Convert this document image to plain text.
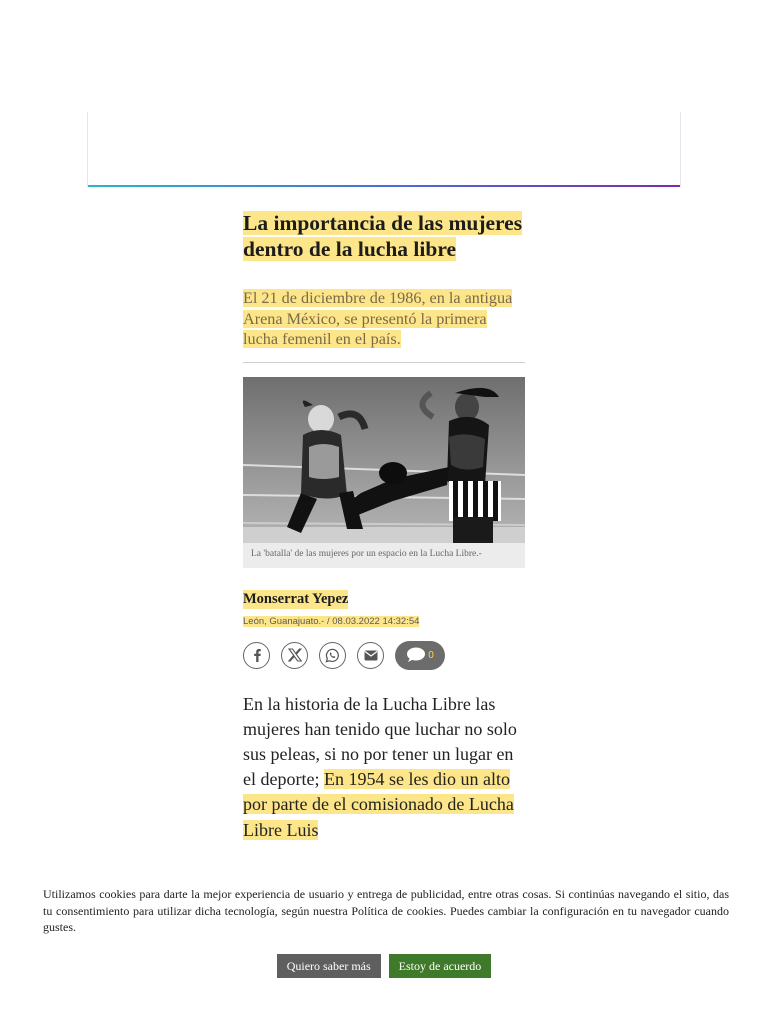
La importancia de las mujeres dentro de la lucha libre

El 21 de diciembre de 1986, en la antigua Arena México, se presentó la primera lucha femenil en el país.

La 'batalla' de las mujeres por un espacio en la Lucha Libre.-
Monserrat Yepez
León, Guanajuato.- / 08.03.2022 14:32:54
0
En la historia de la Lucha Libre las mujeres han tenido que luchar no solo sus peleas, si no por tener un lugar en el deporte; En 1954 se les dio un alto por parte de el comisionado de Lucha Libre Luis
Utilizamos cookies para darte la mejor experiencia de usuario y entrega de publicidad, entre otras cosas. Si continúas navegando el sitio, das tu consentimiento para utilizar dicha tecnología, según nuestra Política de cookies. Puedes cambiar la configuración en tu navegador cuando gustes.
Quiero saber más	Estoy de acuerdo
